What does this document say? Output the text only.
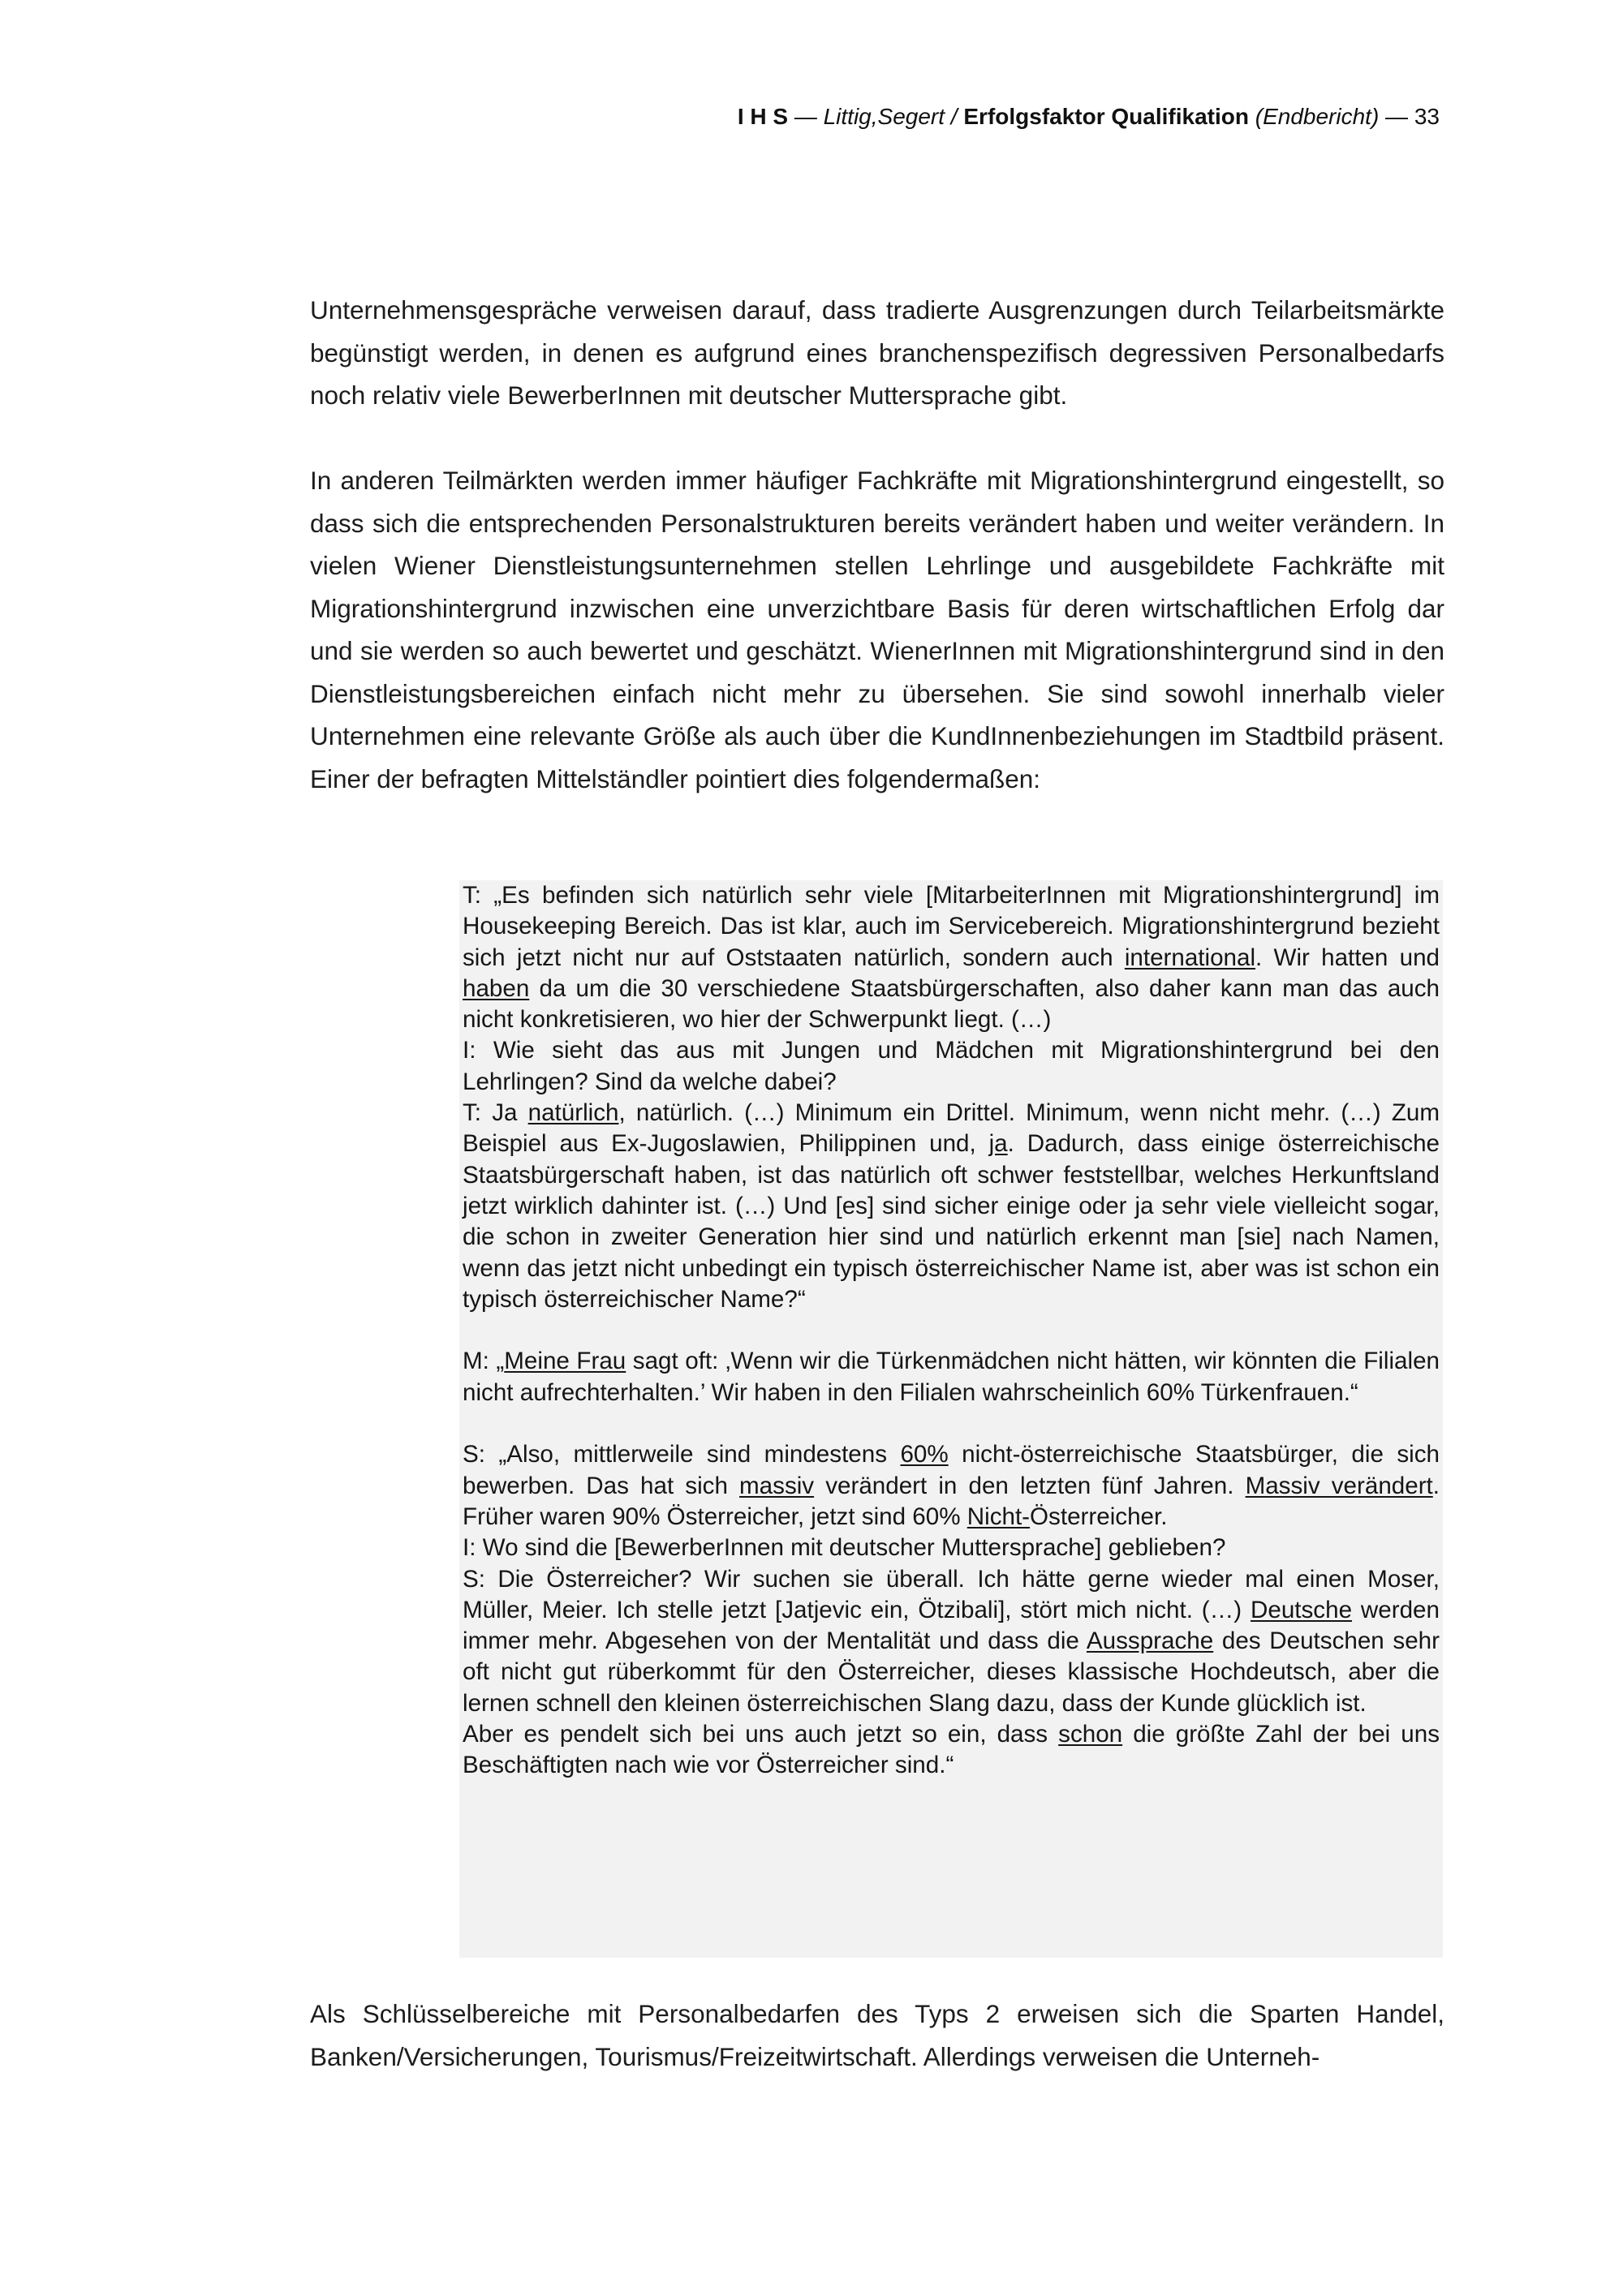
I H S — Littig,Segert / Erfolgsfaktor Qualifikation (Endbericht) — 33

Unternehmensgespräche verweisen darauf, dass tradierte Ausgrenzungen durch Teilarbeitsmärkte begünstigt werden, in denen es aufgrund eines branchenspezifisch degressiven Personalbedarfs noch relativ viele BewerberInnen mit deutscher Muttersprache gibt.

In anderen Teilmärkten werden immer häufiger Fachkräfte mit Migrationshintergrund eingestellt, so dass sich die entsprechenden Personalstrukturen bereits verändert haben und weiter verändern. In vielen Wiener Dienstleistungsunternehmen stellen Lehrlinge und ausgebildete Fachkräfte mit Migrationshintergrund inzwischen eine unverzichtbare Basis für deren wirtschaftlichen Erfolg dar und sie werden so auch bewertet und geschätzt. WienerInnen mit Migrationshintergrund sind in den Dienstleistungsbereichen einfach nicht mehr zu übersehen. Sie sind sowohl innerhalb vieler Unternehmen eine relevante Größe als auch über die KundInnenbeziehungen im Stadtbild präsent. Einer der befragten Mittelständler pointiert dies folgendermaßen:

T: „Es befinden sich natürlich sehr viele [MitarbeiterInnen mit Migrationshintergrund] im Housekeeping Bereich. Das ist klar, auch im Servicebereich. Migrationshintergrund bezieht sich jetzt nicht nur auf Oststaaten natürlich, sondern auch international. Wir hatten und haben da um die 30 verschiedene Staatsbürgerschaften, also daher kann man das auch nicht konkretisieren, wo hier der Schwerpunkt liegt. (…)

I: Wie sieht das aus mit Jungen und Mädchen mit Migrationshintergrund bei den Lehrlingen? Sind da welche dabei?

T: Ja natürlich, natürlich. (…) Minimum ein Drittel. Minimum, wenn nicht mehr. (…) Zum Beispiel aus Ex-Jugoslawien, Philippinen und, ja. Dadurch, dass einige österreichische Staatsbürgerschaft haben, ist das natürlich oft schwer feststellbar, welches Herkunftsland jetzt wirklich dahinter ist. (…) Und [es] sind sicher einige oder ja sehr viele vielleicht sogar, die schon in zweiter Generation hier sind und natürlich erkennt man [sie] nach Namen, wenn das jetzt nicht unbedingt ein typisch österreichischer Name ist, aber was ist schon ein typisch österreichischer Name?“

M: „Meine Frau sagt oft: ‚Wenn wir die Türkenmädchen nicht hätten, wir könnten die Filialen nicht aufrechterhalten.’ Wir haben in den Filialen wahrscheinlich 60% Türkenfrauen.“

S: „Also, mittlerweile sind mindestens 60% nicht-österreichische Staatsbürger, die sich bewerben. Das hat sich massiv verändert in den letzten fünf Jahren. Massiv verändert. Früher waren 90% Österreicher, jetzt sind 60% Nicht-Österreicher.

I: Wo sind die [BewerberInnen mit deutscher Muttersprache] geblieben?

S: Die Österreicher? Wir suchen sie überall. Ich hätte gerne wieder mal einen Moser, Müller, Meier. Ich stelle jetzt [Jatjevic ein, Ötzibali], stört mich nicht. (…) Deutsche werden immer mehr. Abgesehen von der Mentalität und dass die Aussprache des Deutschen sehr oft nicht gut rüberkommt für den Österreicher, dieses klassische Hochdeutsch, aber die lernen schnell den kleinen österreichischen Slang dazu, dass der Kunde glücklich ist.

Aber es pendelt sich bei uns auch jetzt so ein, dass schon die größte Zahl der bei uns Beschäftigten nach wie vor Österreicher sind.“

Als Schlüsselbereiche mit Personalbedarfen des Typs 2 erweisen sich die Sparten Handel, Banken/Versicherungen, Tourismus/Freizeitwirtschaft. Allerdings verweisen die Unterneh-
